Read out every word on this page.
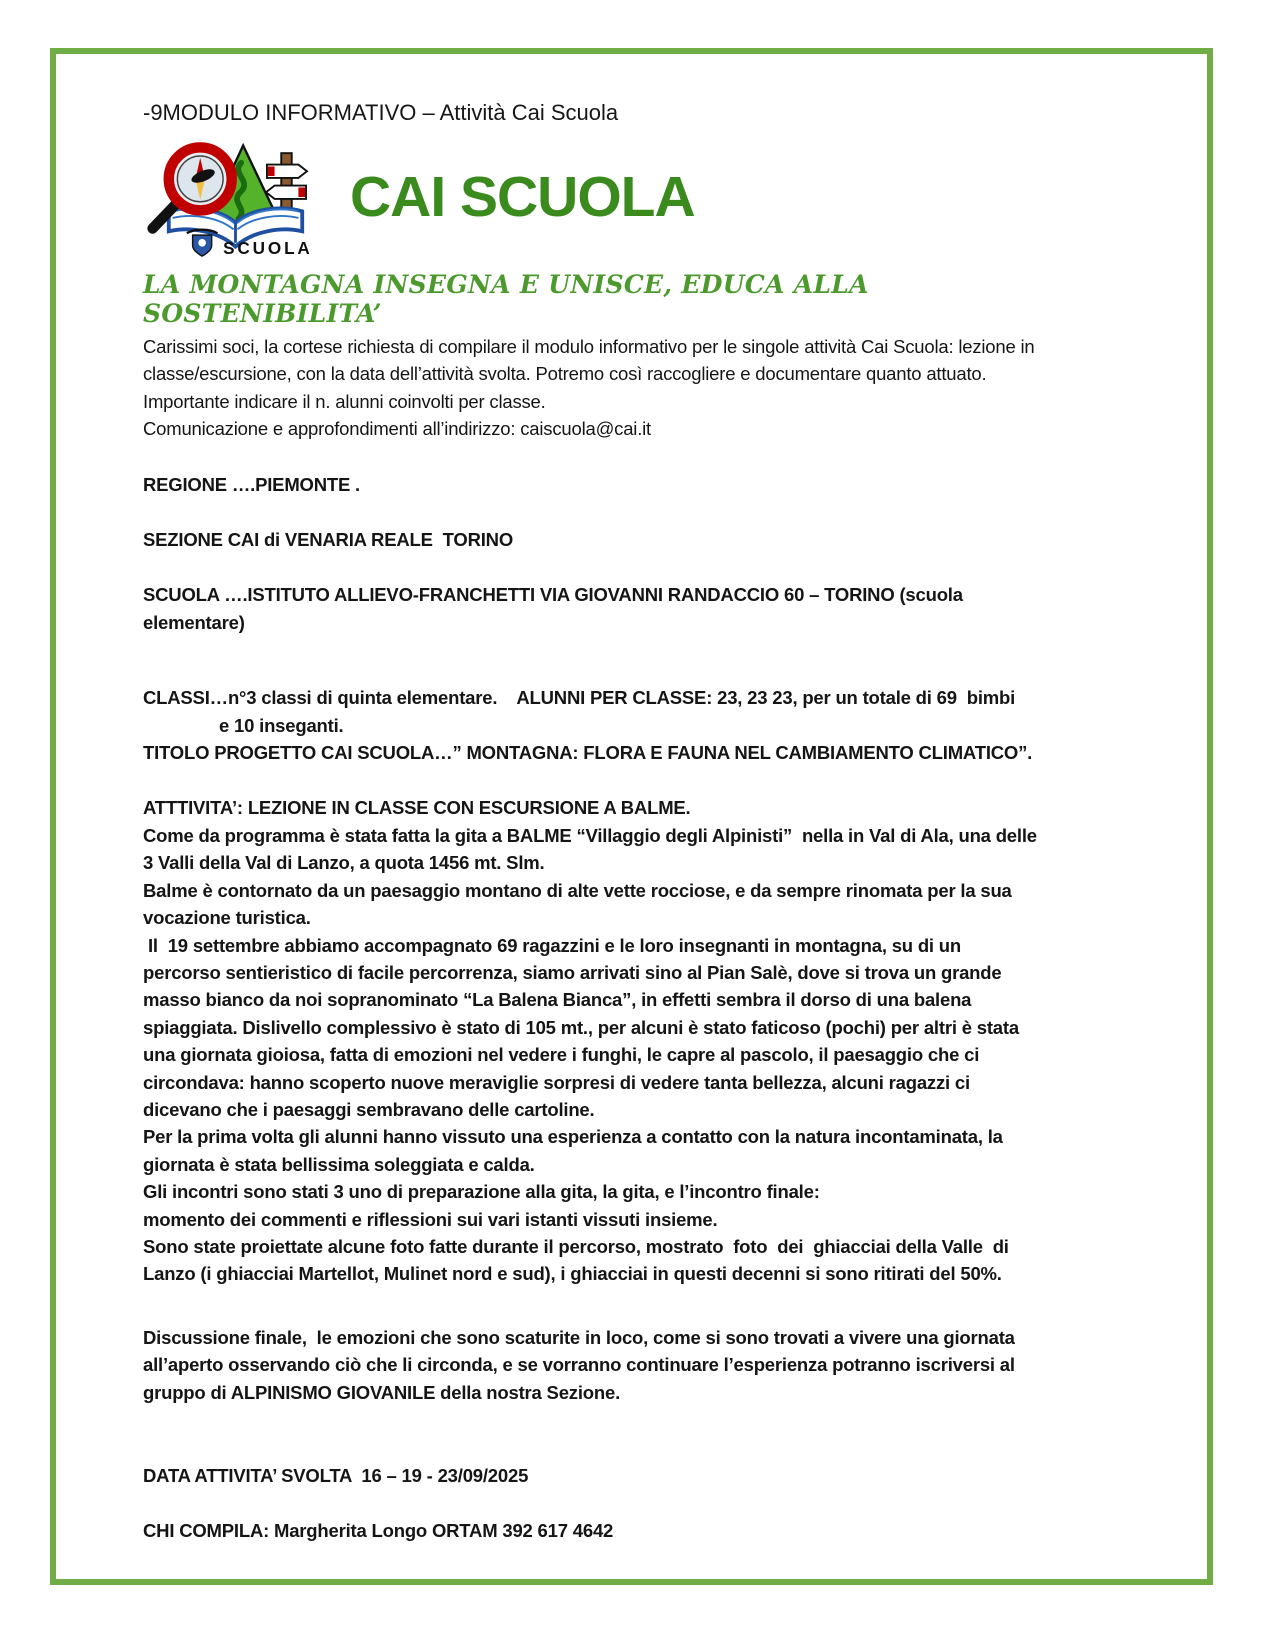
-9MODULO INFORMATIVO – Attività Cai Scuola
SCUOLA
CAI SCUOLA
LA MONTAGNA INSEGNA E UNISCE, EDUCA ALLA SOSTENIBILITA’

Carissimi soci, la cortese richiesta di compilare il modulo informativo per le singole attività Cai Scuola: lezione in classe/escursione, con la data dell’attività svolta. Potremo così raccogliere e documentare quanto attuato. Importante indicare il n. alunni coinvolti per classe.

Comunicazione e approfondimenti all’indirizzo: caiscuola@cai.it

REGIONE ….PIEMONTE .

SEZIONE CAI di VENARIA REALE  TORINO

SCUOLA ….ISTITUTO ALLIEVO-FRANCHETTI VIA GIOVANNI RANDACCIO 60 – TORINO (scuola elementare)

CLASSI…n°3 classi di quinta elementare.    ALUNNI PER CLASSE: 23, 23 23, per un totale di 69  bimbi

e 10 inseganti.

TITOLO PROGETTO CAI SCUOLA…” MONTAGNA: FLORA E FAUNA NEL CAMBIAMENTO CLIMATICO”.

ATTTIVITA’: LEZIONE IN CLASSE CON ESCURSIONE A BALME.

Come da programma è stata fatta la gita a BALME “Villaggio degli Alpinisti”  nella in Val di Ala, una delle 3 Valli della Val di Lanzo, a quota 1456 mt. Slm.

Balme è contornato da un paesaggio montano di alte vette rocciose, e da sempre rinomata per la sua vocazione turistica.

Il  19 settembre abbiamo accompagnato 69 ragazzini e le loro insegnanti in montagna, su di un percorso sentieristico di facile percorrenza, siamo arrivati sino al Pian Salè, dove si trova un grande masso bianco da noi sopranominato “La Balena Bianca”, in effetti sembra il dorso di una balena spiaggiata. Dislivello complessivo è stato di 105 mt., per alcuni è stato faticoso (pochi) per altri è stata una giornata gioiosa, fatta di emozioni nel vedere i funghi, le capre al pascolo, il paesaggio che ci circondava: hanno scoperto nuove meraviglie sorpresi di vedere tanta bellezza, alcuni ragazzi ci dicevano che i paesaggi sembravano delle cartoline.

Per la prima volta gli alunni hanno vissuto una esperienza a contatto con la natura incontaminata, la giornata è stata bellissima soleggiata e calda.

Gli incontri sono stati 3 uno di preparazione alla gita, la gita, e l’incontro finale:

momento dei commenti e riflessioni sui vari istanti vissuti insieme.

Sono state proiettate alcune foto fatte durante il percorso, mostrato  foto  dei  ghiacciai della Valle  di Lanzo (i ghiacciai Martellot, Mulinet nord e sud), i ghiacciai in questi decenni si sono ritirati del 50%.

Discussione finale,  le emozioni che sono scaturite in loco, come si sono trovati a vivere una giornata all’aperto osservando ciò che li circonda, e se vorranno continuare l’esperienza potranno iscriversi al gruppo di ALPINISMO GIOVANILE della nostra Sezione.

DATA ATTIVITA’ SVOLTA  16 – 19 - 23/09/2025

CHI COMPILA: Margherita Longo ORTAM 392 617 4642
